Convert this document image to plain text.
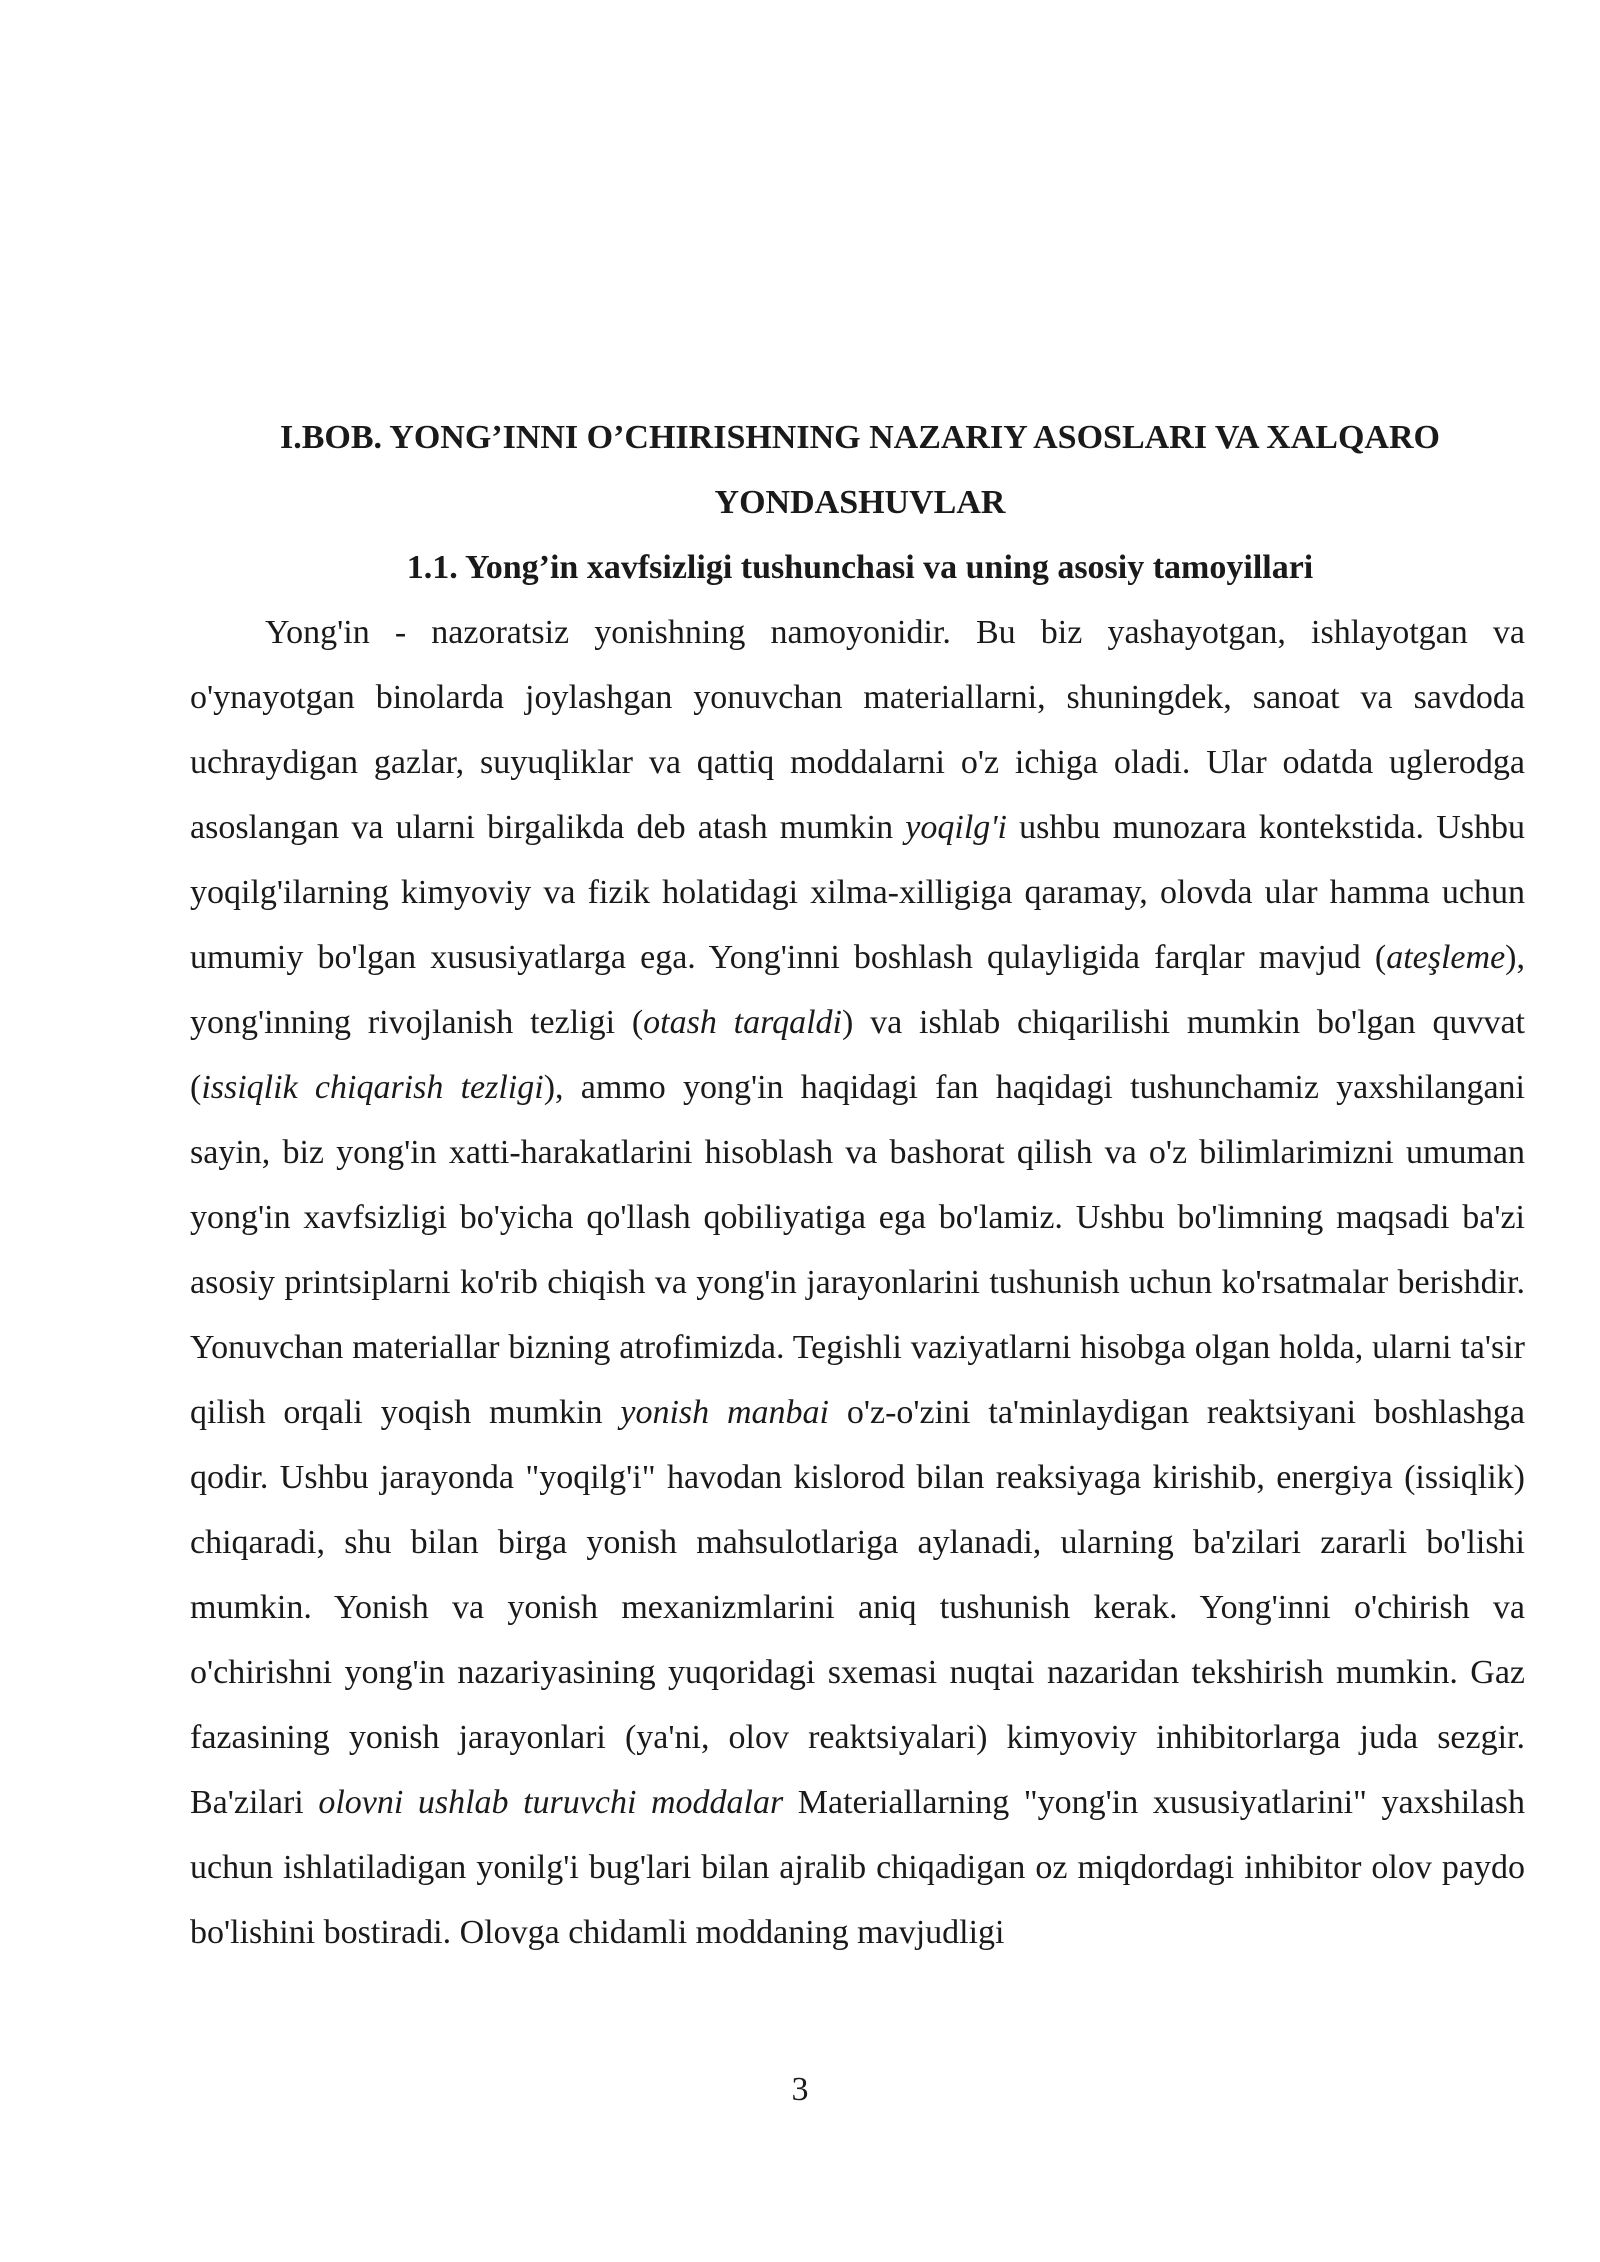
I.BOB. YONG’INNI O’CHIRISHNING NAZARIY ASOSLARI VA XALQARO
YONDASHUVLAR
1.1. Yong’in xavfsizligi tushunchasi va uning asosiy tamoyillari

Yong'in - nazoratsiz yonishning namoyonidir. Bu biz yashayotgan, ishlayotgan va o'ynayotgan binolarda joylashgan yonuvchan materiallarni, shuningdek, sanoat va savdoda uchraydigan gazlar, suyuqliklar va qattiq moddalarni o'z ichiga oladi. Ular odatda uglerodga asoslangan va ularni birgalikda deb atash mumkin yoqilg'i ushbu munozara kontekstida. Ushbu yoqilg'ilarning kimyoviy va fizik holatidagi xilma-xilligiga qaramay, olovda ular hamma uchun umumiy bo'lgan xususiyatlarga ega. Yong'inni boshlash qulayligida farqlar mavjud (ateşleme), yong'inning rivojlanish tezligi (otash tarqaldi) va ishlab chiqarilishi mumkin bo'lgan quvvat (issiqlik chiqarish tezligi), ammo yong'in haqidagi fan haqidagi tushunchamiz yaxshilangani sayin, biz yong'in xatti-harakatlarini hisoblash va bashorat qilish va o'z bilimlarimizni umuman yong'in xavfsizligi bo'yicha qo'llash qobiliyatiga ega bo'lamiz. Ushbu bo'limning maqsadi ba'zi asosiy printsiplarni ko'rib chiqish va yong'in jarayonlarini tushunish uchun ko'rsatmalar berishdir. Yonuvchan materiallar bizning atrofimizda. Tegishli vaziyatlarni hisobga olgan holda, ularni ta'sir qilish orqali yoqish mumkin yonish manbai o'z-o'zini ta'minlaydigan reaktsiyani boshlashga qodir. Ushbu jarayonda "yoqilg'i" havodan kislorod bilan reaksiyaga kirishib, energiya (issiqlik) chiqaradi, shu bilan birga yonish mahsulotlariga aylanadi, ularning ba'zilari zararli bo'lishi mumkin. Yonish va yonish mexanizmlarini aniq tushunish kerak. Yong'inni o'chirish va o'chirishni yong'in nazariyasining yuqoridagi sxemasi nuqtai nazaridan tekshirish mumkin. Gaz fazasining yonish jarayonlari (ya'ni, olov reaktsiyalari) kimyoviy inhibitorlarga juda sezgir. Ba'zilari olovni ushlab turuvchi moddalar Materiallarning "yong'in xususiyatlarini" yaxshilash uchun ishlatiladigan yonilg'i bug'lari bilan ajralib chiqadigan oz miqdordagi inhibitor olov paydo bo'lishini bostiradi. Olovga chidamli moddaning mavjudligi

3
